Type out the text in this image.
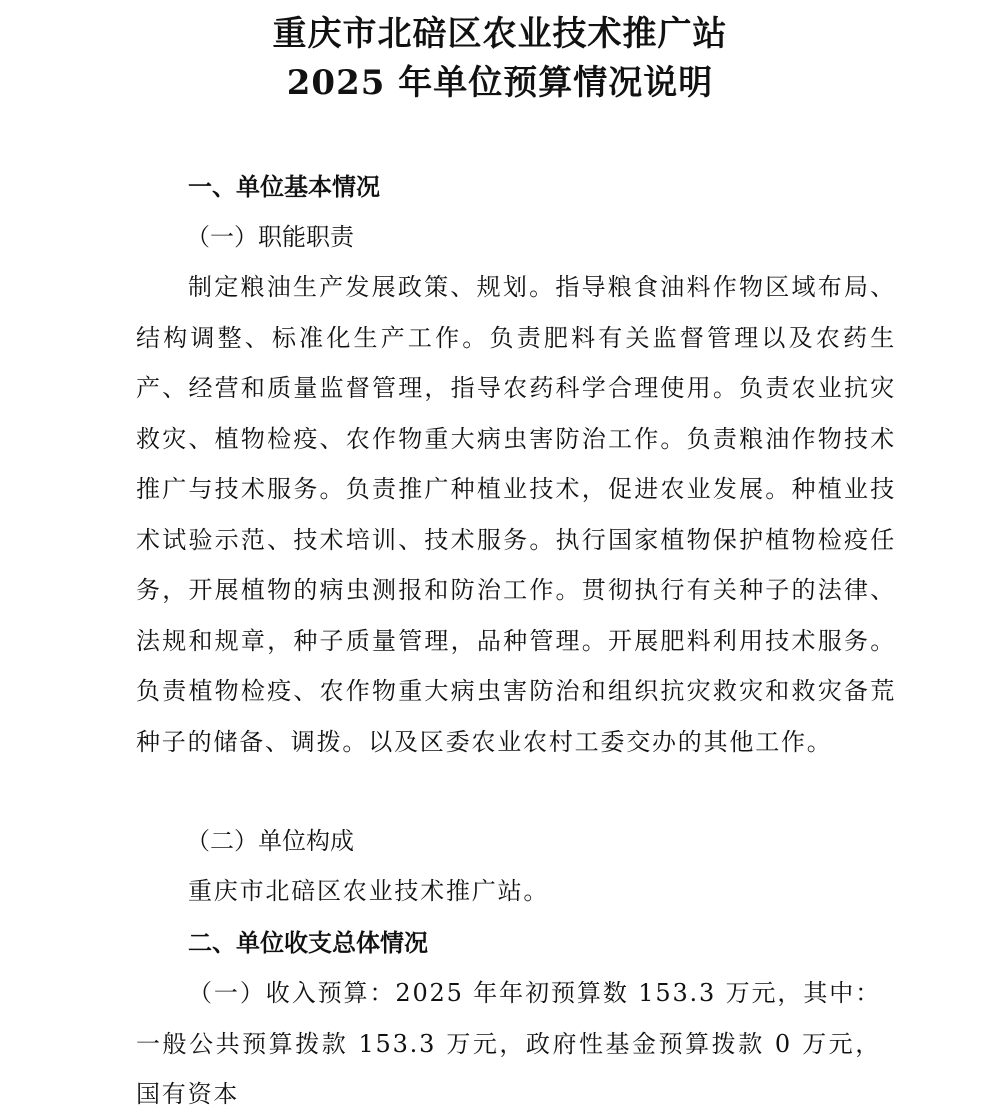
重庆市北碚区农业技术推广站
2025 年单位预算情况说明
一、单位基本情况
（一）职能职责

制定粮油生产发展政策、规划。指导粮食油料作物区域布局、结构调整、标准化生产工作。负责肥料有关监督管理以及农药生产、经营和质量监督管理，指导农药科学合理使用。负责农业抗灾救灾、植物检疫、农作物重大病虫害防治工作。负责粮油作物技术推广与技术服务。负责推广种植业技术，促进农业发展。种植业技术试验示范、技术培训、技术服务。执行国家植物保护植物检疫任务，开展植物的病虫测报和防治工作。贯彻执行有关种子的法律、法规和规章，种子质量管理，品种管理。开展肥料利用技术服务。负责植物检疫、农作物重大病虫害防治和组织抗灾救灾和救灾备荒种子的储备、调拨。以及区委农业农村工委交办的其他工作。

（二）单位构成
重庆市北碚区农业技术推广站。
二、单位收支总体情况

（一）收入预算：2025 年年初预算数 153.3 万元，其中：一般公共预算拨款 153.3 万元，政府性基金预算拨款 0 万元，国有资本
